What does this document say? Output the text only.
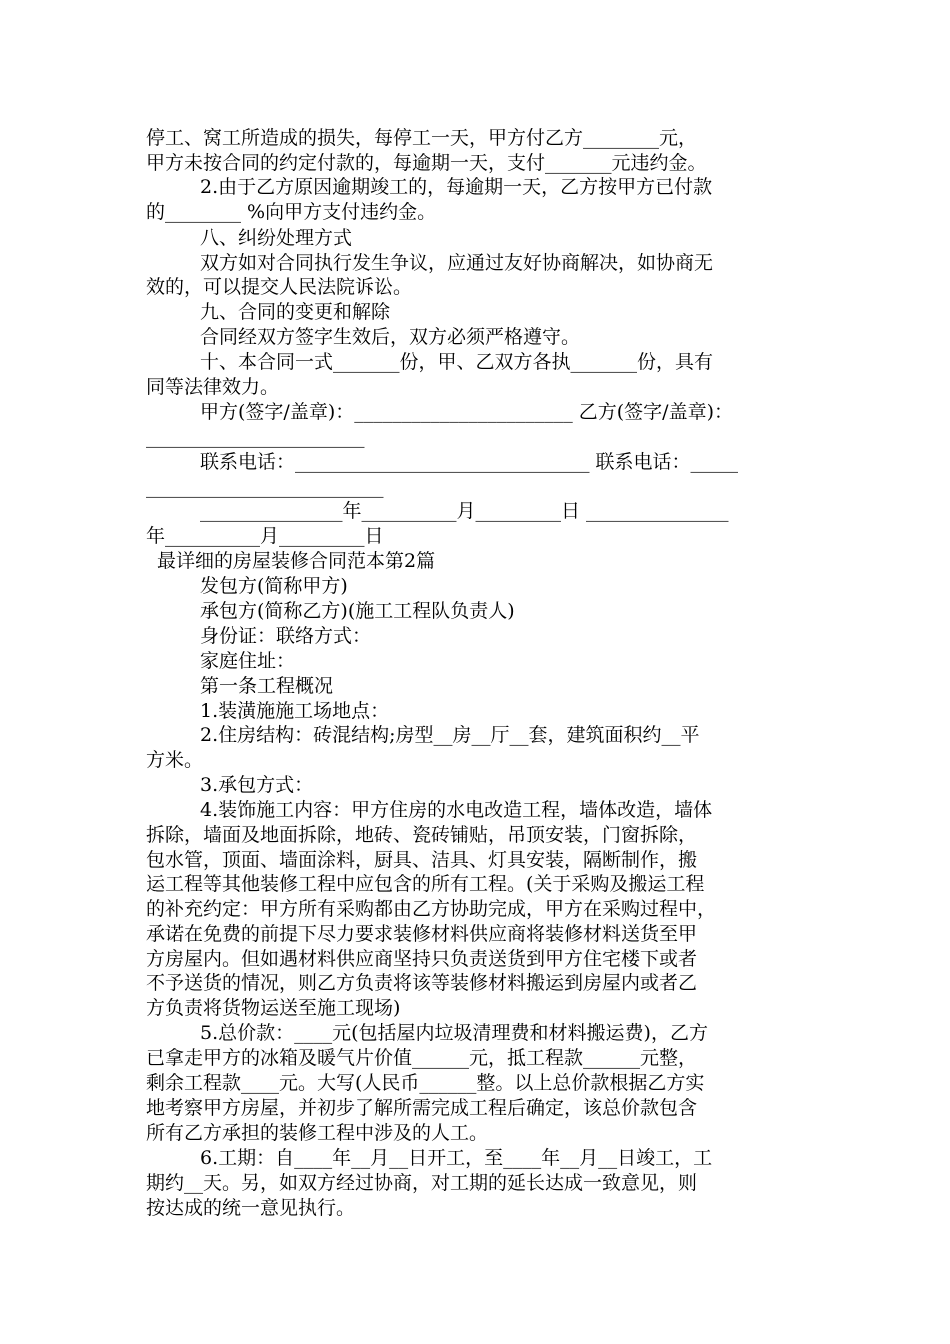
停工、窝工所造成的损失，每停工一天，甲方付乙方________元，
甲方未按合同的约定付款的，每逾期一天，支付_______元违约金。
2.由于乙方原因逾期竣工的，每逾期一天，乙方按甲方已付款
的________ %向甲方支付违约金。
八、纠纷处理方式
双方如对合同执行发生争议，应通过友好协商解决，如协商无
效的，可以提交人民法院诉讼。
九、合同的变更和解除
合同经双方签字生效后，双方必须严格遵守。
十、本合同一式_______份，甲、乙双方各执_______份，具有
同等法律效力。
甲方(签字/盖章)：_______________________ 乙方(签字/盖章)：
_______________________
联系电话：_______________________________ 联系电话：_____
_________________________
_______________年__________月_________日 _______________
年__________月_________日
最详细的房屋装修合同范本第2篇
发包方(简称甲方)
承包方(简称乙方)(施工工程队负责人)
身份证：联络方式：
家庭住址：
第一条工程概况
1.装潢施施工场地点：
2.住房结构：砖混结构;房型__房__厅__套，建筑面积约__平
方米。
3.承包方式：
4.装饰施工内容：甲方住房的水电改造工程，墙体改造，墙体
拆除，墙面及地面拆除，地砖、瓷砖铺贴，吊顶安装，门窗拆除，
包水管，顶面、墙面涂料，厨具、洁具、灯具安装，隔断制作，搬
运工程等其他装修工程中应包含的所有工程。(关于采购及搬运工程
的补充约定：甲方所有采购都由乙方协助完成，甲方在采购过程中，
承诺在免费的前提下尽力要求装修材料供应商将装修材料送货至甲
方房屋内。但如遇材料供应商坚持只负责送货到甲方住宅楼下或者
不予送货的情况，则乙方负责将该等装修材料搬运到房屋内或者乙
方负责将货物运送至施工现场)
5.总价款：____元(包括屋内垃圾清理费和材料搬运费)，乙方
已拿走甲方的冰箱及暖气片价值______元，抵工程款______元整，
剩余工程款____元。大写(人民币______整。以上总价款根据乙方实
地考察甲方房屋，并初步了解所需完成工程后确定，该总价款包含
所有乙方承担的装修工程中涉及的人工。
6.工期：自____年__月__日开工，至____年__月__日竣工，工
期约__天。另，如双方经过协商，对工期的延长达成一致意见，则
按达成的统一意见执行。
